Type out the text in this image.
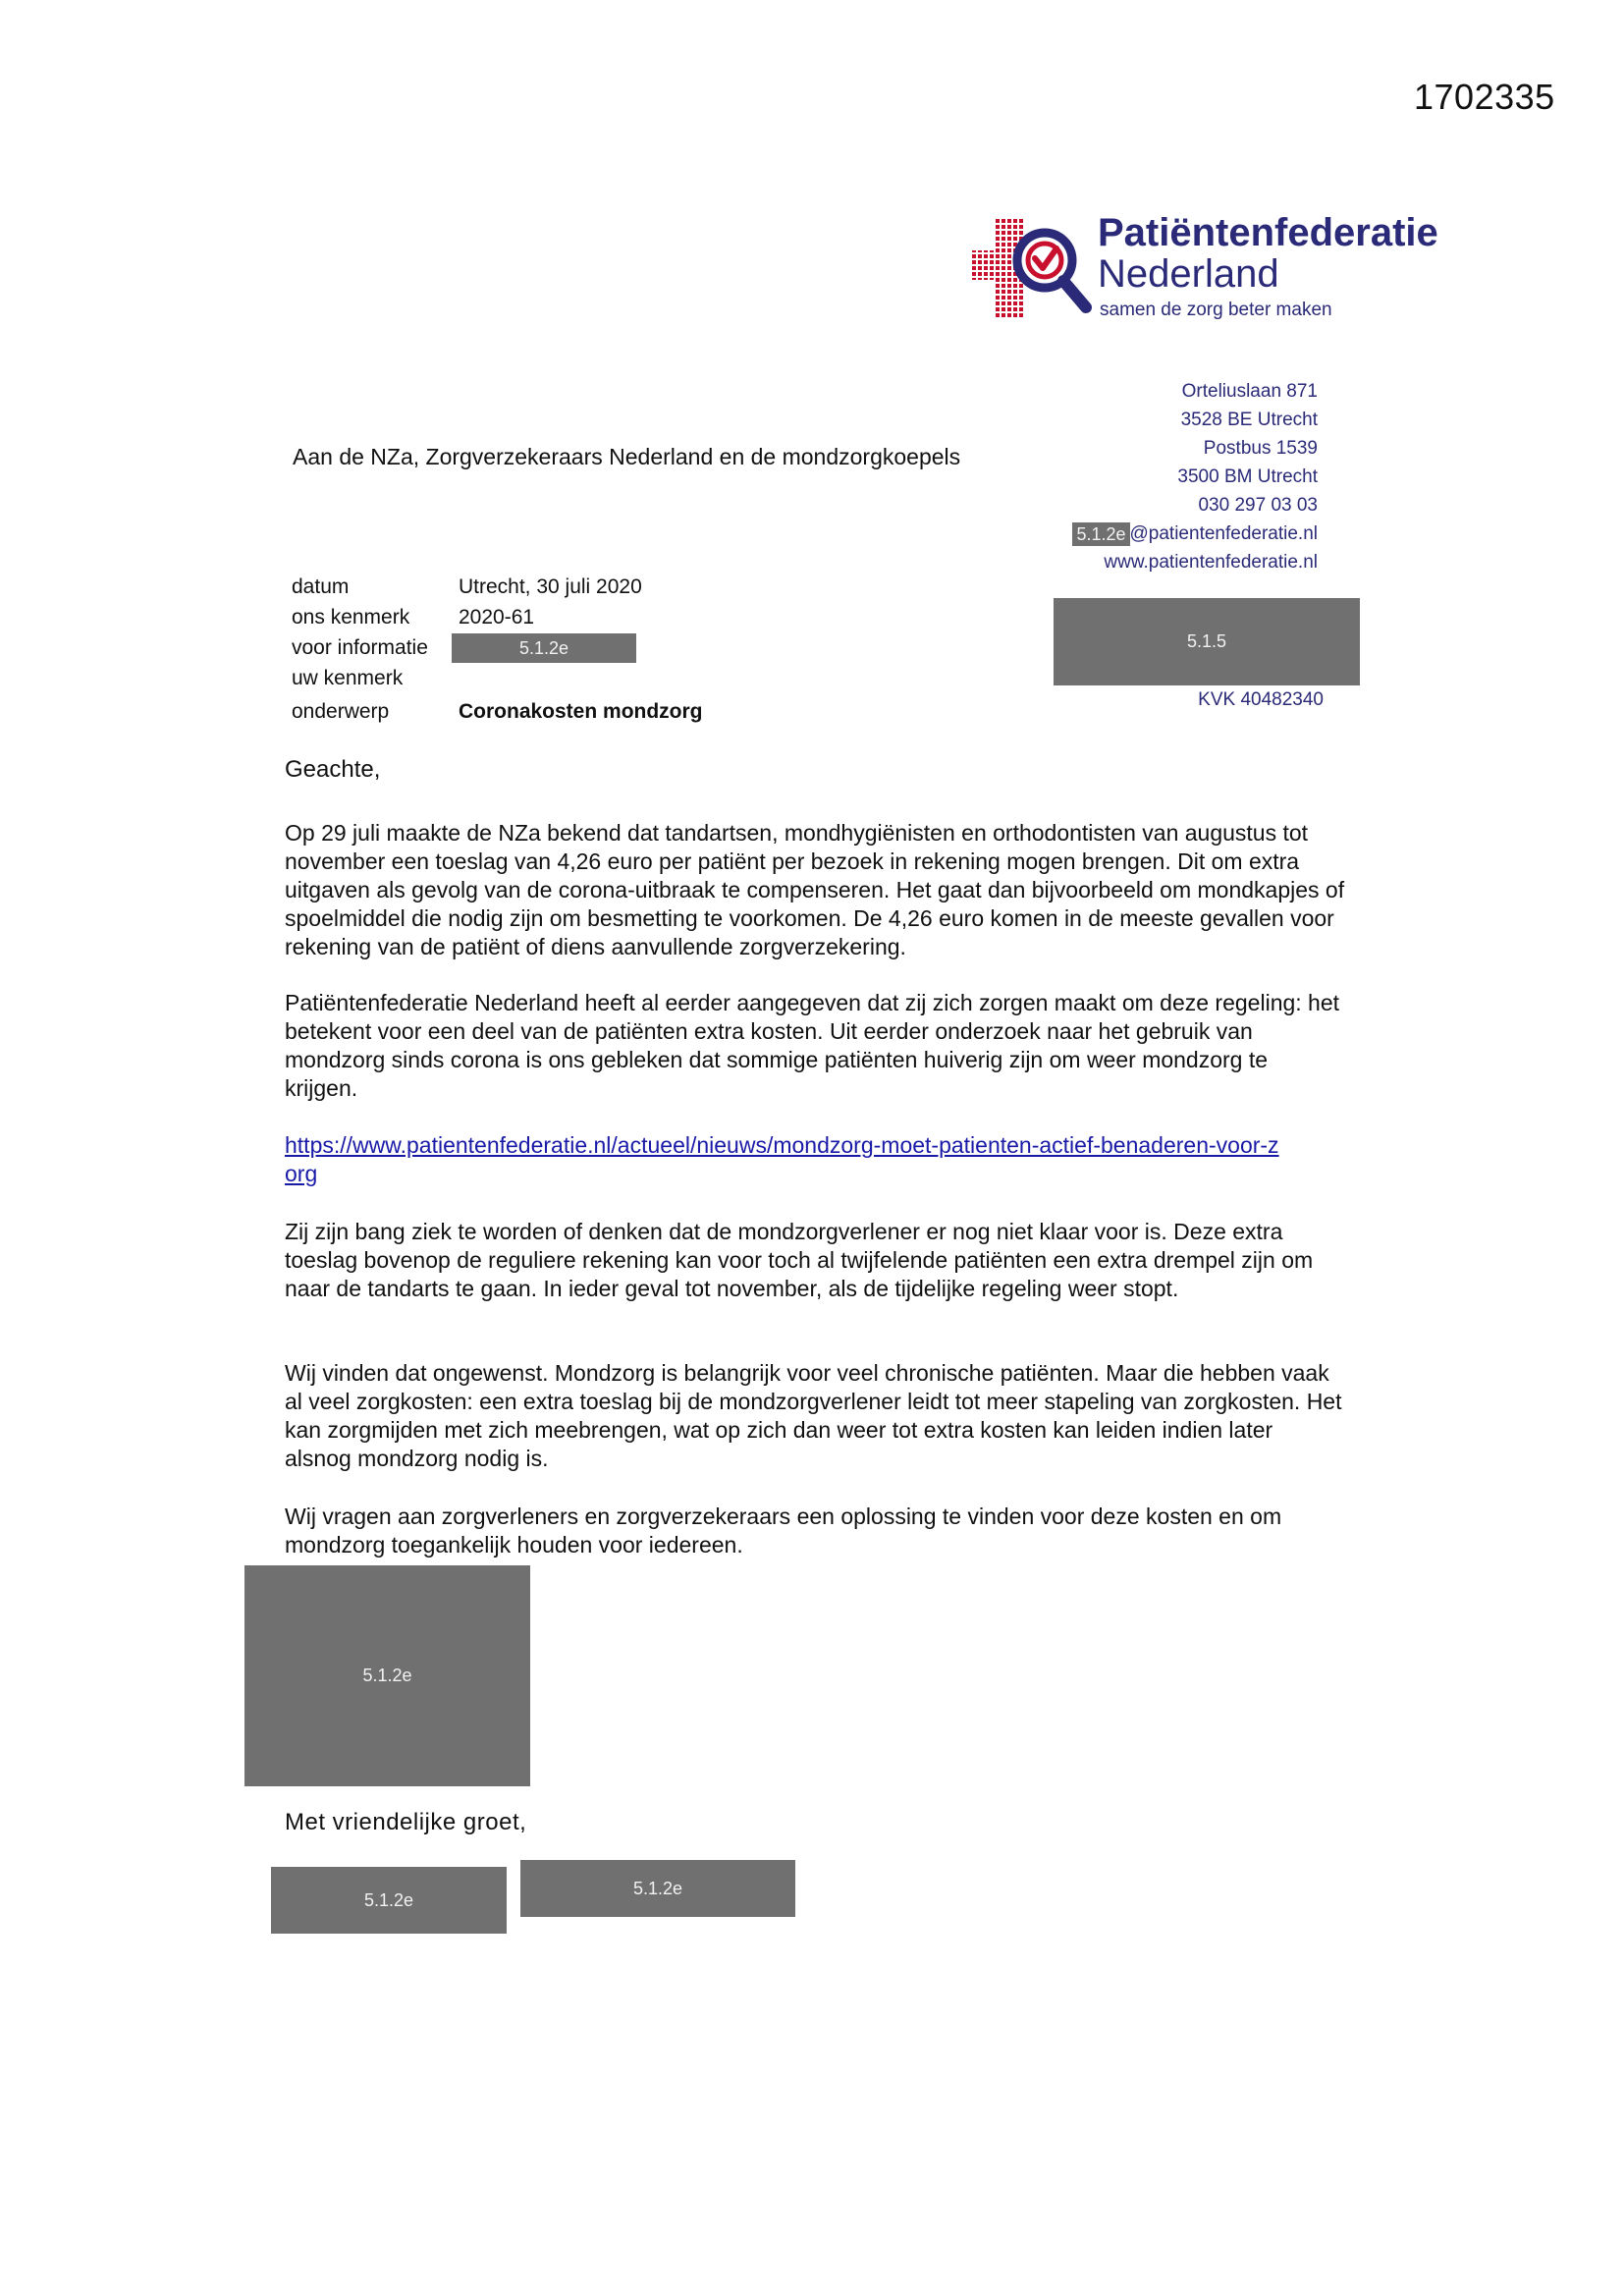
1702335
Patiëntenfederatie
Nederland
samen de zorg beter maken
Orteliuslaan 871
3528 BE Utrecht
Postbus 1539
3500 BM Utrecht
030 297 03 03
5.1.2e @patientenfederatie.nl
www.patientenfederatie.nl
Aan de NZa, Zorgverzekeraars Nederland en de mondzorgkoepels
datum	Utrecht, 30 juli 2020
ons kenmerk	2020-61
voor informatie	5.1.2e
uw kenmerk
onderwerp	Coronakosten mondzorg
5.1.5
KVK 40482340
Geachte,

Op 29 juli maakte de NZa bekend dat tandartsen, mondhygiënisten en orthodontisten van augustus tot november een toeslag van 4,26 euro per patiënt per bezoek in rekening mogen brengen. Dit om extra uitgaven als gevolg van de corona-uitbraak te compenseren. Het gaat dan bijvoorbeeld om mondkapjes of spoelmiddel die nodig zijn om besmetting te voorkomen. De 4,26 euro komen in de meeste gevallen voor rekening van de patiënt of diens aanvullende zorgverzekering.

Patiëntenfederatie Nederland heeft al eerder aangegeven dat zij zich zorgen maakt om deze regeling: het betekent voor een deel van de patiënten extra kosten. Uit eerder onderzoek naar het gebruik van mondzorg sinds corona is ons gebleken dat sommige patiënten huiverig zijn om weer mondzorg te krijgen.

https://www.patientenfederatie.nl/actueel/nieuws/mondzorg-moet-patienten-actief-benaderen-voor-zorg

Zij zijn bang ziek te worden of denken dat de mondzorgverlener er nog niet klaar voor is. Deze extra toeslag bovenop de reguliere rekening kan voor toch al twijfelende patiënten een extra drempel zijn om naar de tandarts te gaan. In ieder geval tot november, als de tijdelijke regeling weer stopt.

Wij vinden dat ongewenst. Mondzorg is belangrijk voor veel chronische patiënten. Maar die hebben vaak al veel zorgkosten: een extra toeslag bij de mondzorgverlener leidt tot meer stapeling van zorgkosten. Het kan zorgmijden met zich meebrengen, wat op zich dan weer tot extra kosten kan leiden indien later alsnog mondzorg nodig is.

Wij vragen aan zorgverleners en zorgverzekeraars een oplossing te vinden voor deze kosten en om mondzorg toegankelijk houden voor iedereen.

5.1.2e
Met vriendelijke groet,
5.1.2e
5.1.2e
